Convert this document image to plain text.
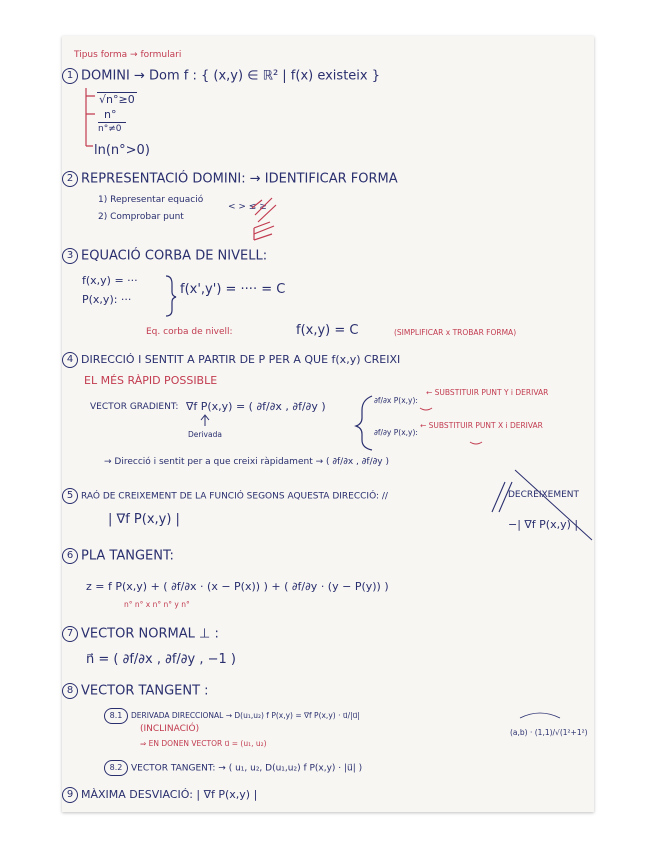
Tipus forma → formulari
1 DOMINI → Dom f : { (x,y) ∈ ℝ² | f(x) existeix }
√n°≥0
n°
n°≠0
ln(n°>0)
2 REPRESENTACIÓ DOMINI: → IDENTIFICAR FORMA
1) Representar equació
2) Comprobar punt
< > ≤ ≥
3 EQUACIÓ CORBA DE NIVELL:
f(x,y) = ···
P(x,y): ···
f(x',y') = ···· = C
Eq. corba de nivell:	f(x,y) = C	(SIMPLIFICAR x TROBAR FORMA)
4 DIRECCIÓ I SENTIT A PARTIR DE P PER A QUE f(x,y) CREIXI
EL MÉS RÀPID POSSIBLE
VECTOR GRADIENT: ∇f P(x,y) = ( ∂f/∂x , ∂f/∂y )
Derivada
∂f/∂x P(x,y):
← SUBSTITUIR PUNT Y i DERIVAR
∂f/∂y P(x,y):
← SUBSTITUIR PUNT X i DERIVAR
→ Direcció i sentit per a que creixi ràpidament → ( ∂f/∂x , ∂f/∂y )
5 RAÓ DE CREIXEMENT DE LA FUNCIÓ SEGONS AQUESTA DIRECCIÓ: //	DECREIXEMENT
| ∇f P(x,y) |	−| ∇f P(x,y) |
6 PLA TANGENT:
z = f P(x,y) + ( ∂f/∂x · (x − P(x)) ) + ( ∂f/∂y · (y − P(y)) )
n° n° x n° n° y n°
7 VECTOR NORMAL ⊥ :
n⃗ = ( ∂f/∂x , ∂f/∂y , −1 )
8 VECTOR TANGENT :
8.1 DERIVADA DIRECCIONAL → D(u₁,u₂) f P(x,y) = ∇f P(x,y) · u⃗/|u⃗|
(INCLINACIÓ)
⇒ EN DONEN VECTOR u⃗ = (u₁, u₂)
(a,b) · (1,1)/√(1²+1²)
8.2 VECTOR TANGENT: → ( u₁, u₂, D(u₁,u₂) f P(x,y) · |u⃗| )
9 MÀXIMA DESVIACIÓ: | ∇f P(x,y) |
